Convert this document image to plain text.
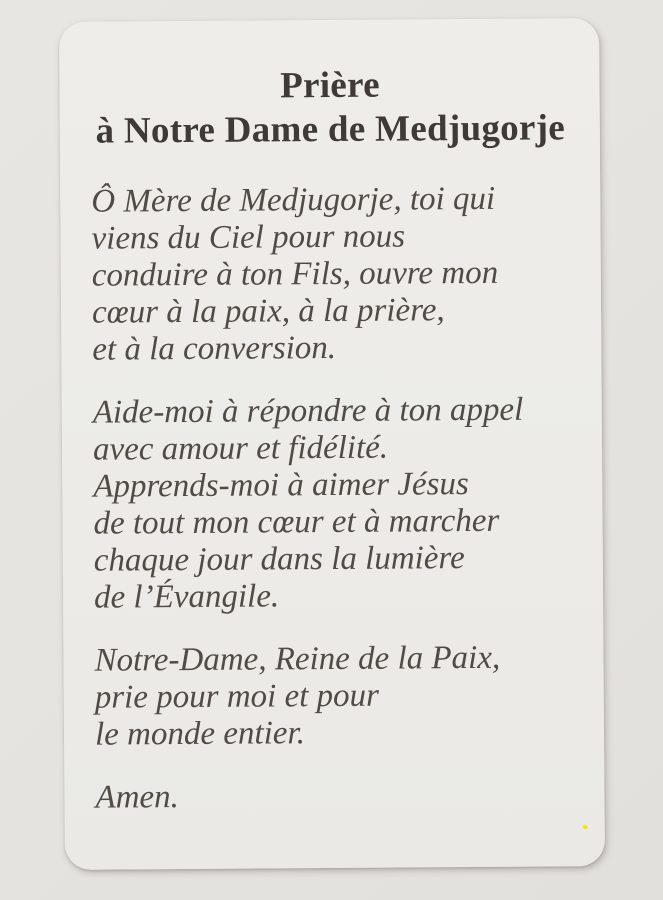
Prière
à Notre Dame de Medjugorje

Ô Mère de Medjugorje, toi qui
viens du Ciel pour nous
conduire à ton Fils, ouvre mon
cœur à la paix, à la prière,
et à la conversion.

Aide-moi à répondre à ton appel
avec amour et fidélité.
Apprends-moi à aimer Jésus
de tout mon cœur et à marcher
chaque jour dans la lumière
de l’Évangile.

Notre-Dame, Reine de la Paix,
prie pour moi et pour
le monde entier.

Amen.
